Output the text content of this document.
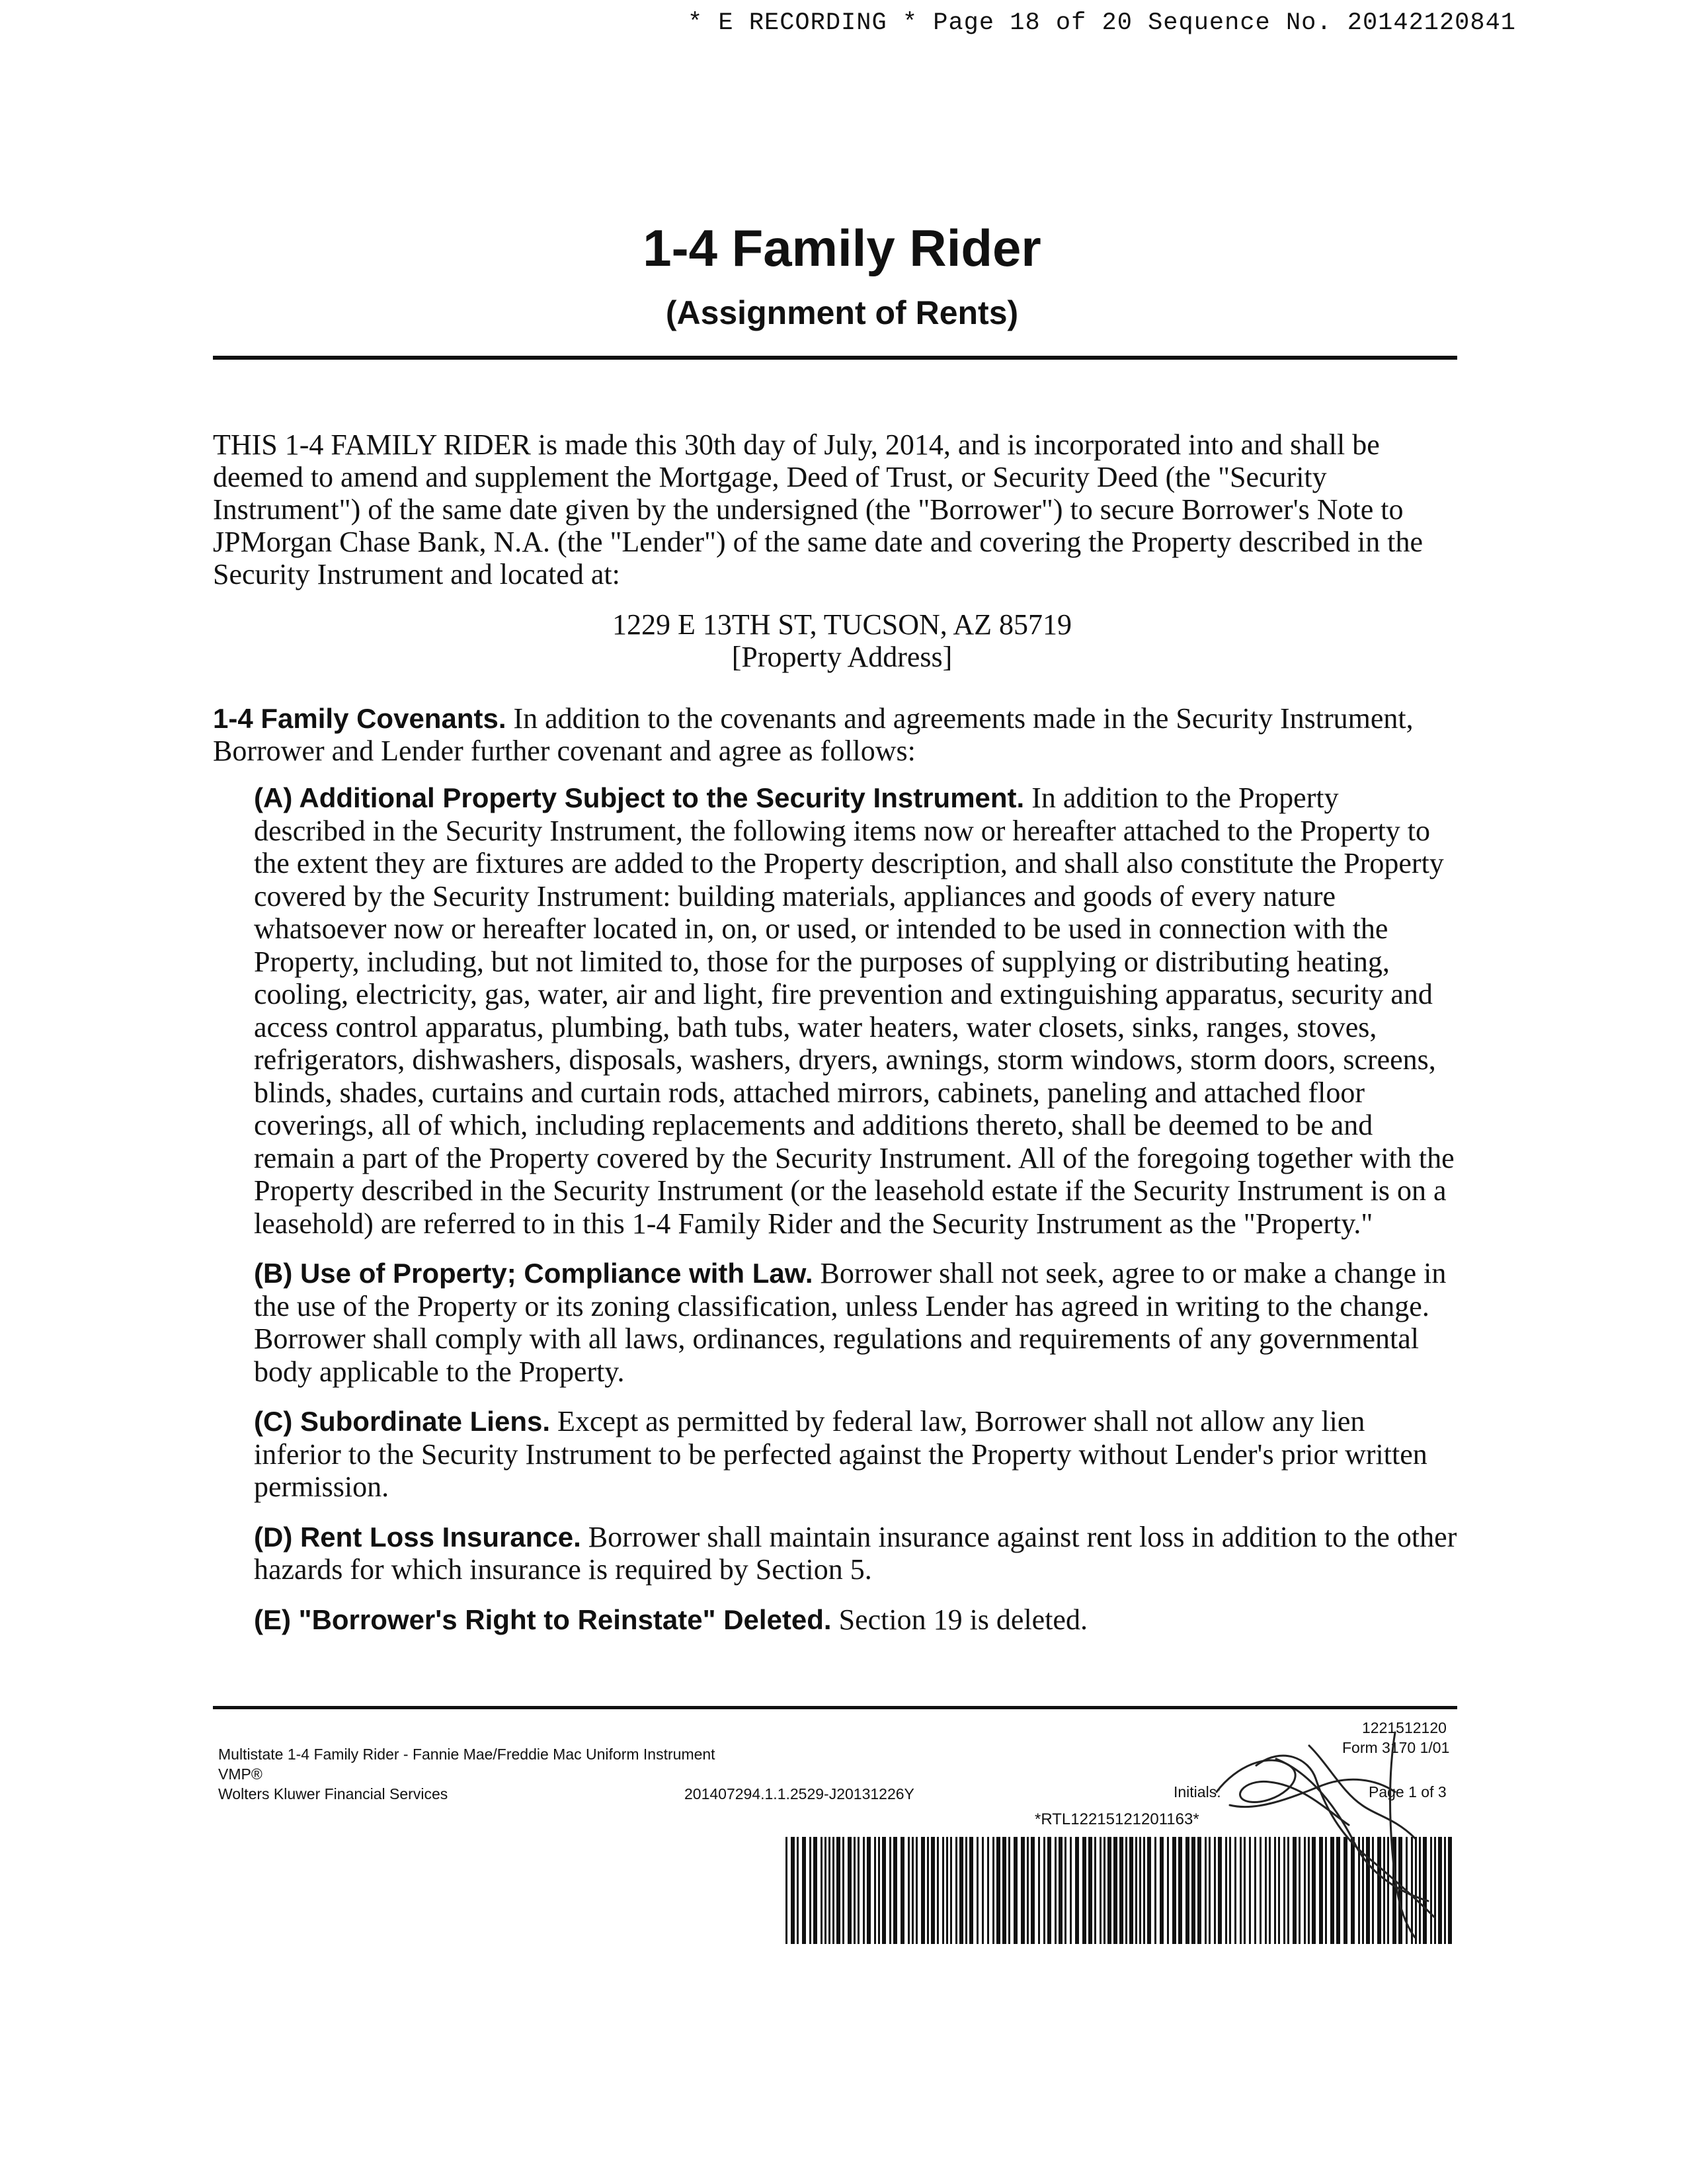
* E RECORDING * Page 18 of 20 Sequence No. 20142120841
1-4 Family Rider
(Assignment of Rents)
THIS 1-4 FAMILY RIDER is made this 30th day of July, 2014, and is incorporated into and shall be deemed to amend and supplement the Mortgage, Deed of Trust, or Security Deed (the "Security Instrument") of the same date given by the undersigned (the "Borrower") to secure Borrower's Note to JPMorgan Chase Bank, N.A. (the "Lender") of the same date and covering the Property described in the Security Instrument and located at:
1229 E 13TH ST, TUCSON, AZ 85719
[Property Address]
1-4 Family Covenants. In addition to the covenants and agreements made in the Security Instrument, Borrower and Lender further covenant and agree as follows:
(A) Additional Property Subject to the Security Instrument. In addition to the Property described in the Security Instrument, the following items now or hereafter attached to the Property to the extent they are fixtures are added to the Property description, and shall also constitute the Property covered by the Security Instrument: building materials, appliances and goods of every nature whatsoever now or hereafter located in, on, or used, or intended to be used in connection with the Property, including, but not limited to, those for the purposes of supplying or distributing heating, cooling, electricity, gas, water, air and light, fire prevention and extinguishing apparatus, security and access control apparatus, plumbing, bath tubs, water heaters, water closets, sinks, ranges, stoves, refrigerators, dishwashers, disposals, washers, dryers, awnings, storm windows, storm doors, screens, blinds, shades, curtains and curtain rods, attached mirrors, cabinets, paneling and attached floor coverings, all of which, including replacements and additions thereto, shall be deemed to be and remain a part of the Property covered by the Security Instrument. All of the foregoing together with the Property described in the Security Instrument (or the leasehold estate if the Security Instrument is on a leasehold) are referred to in this 1-4 Family Rider and the Security Instrument as the "Property."
(B) Use of Property; Compliance with Law. Borrower shall not seek, agree to or make a change in the use of the Property or its zoning classification, unless Lender has agreed in writing to the change. Borrower shall comply with all laws, ordinances, regulations and requirements of any governmental body applicable to the Property.
(C) Subordinate Liens. Except as permitted by federal law, Borrower shall not allow any lien inferior to the Security Instrument to be perfected against the Property without Lender's prior written permission.
(D) Rent Loss Insurance. Borrower shall maintain insurance against rent loss in addition to the other hazards for which insurance is required by Section 5.
(E) "Borrower's Right to Reinstate" Deleted. Section 19 is deleted.
Multistate 1-4 Family Rider - Fannie Mae/Freddie Mac Uniform Instrument
VMP®
Wolters Kluwer Financial Services	201407294.1.1.2529-J20131226Y
1221512120
Form 3170 1/01
Initials:	Page 1 of 3
*RTL12215121201163*
